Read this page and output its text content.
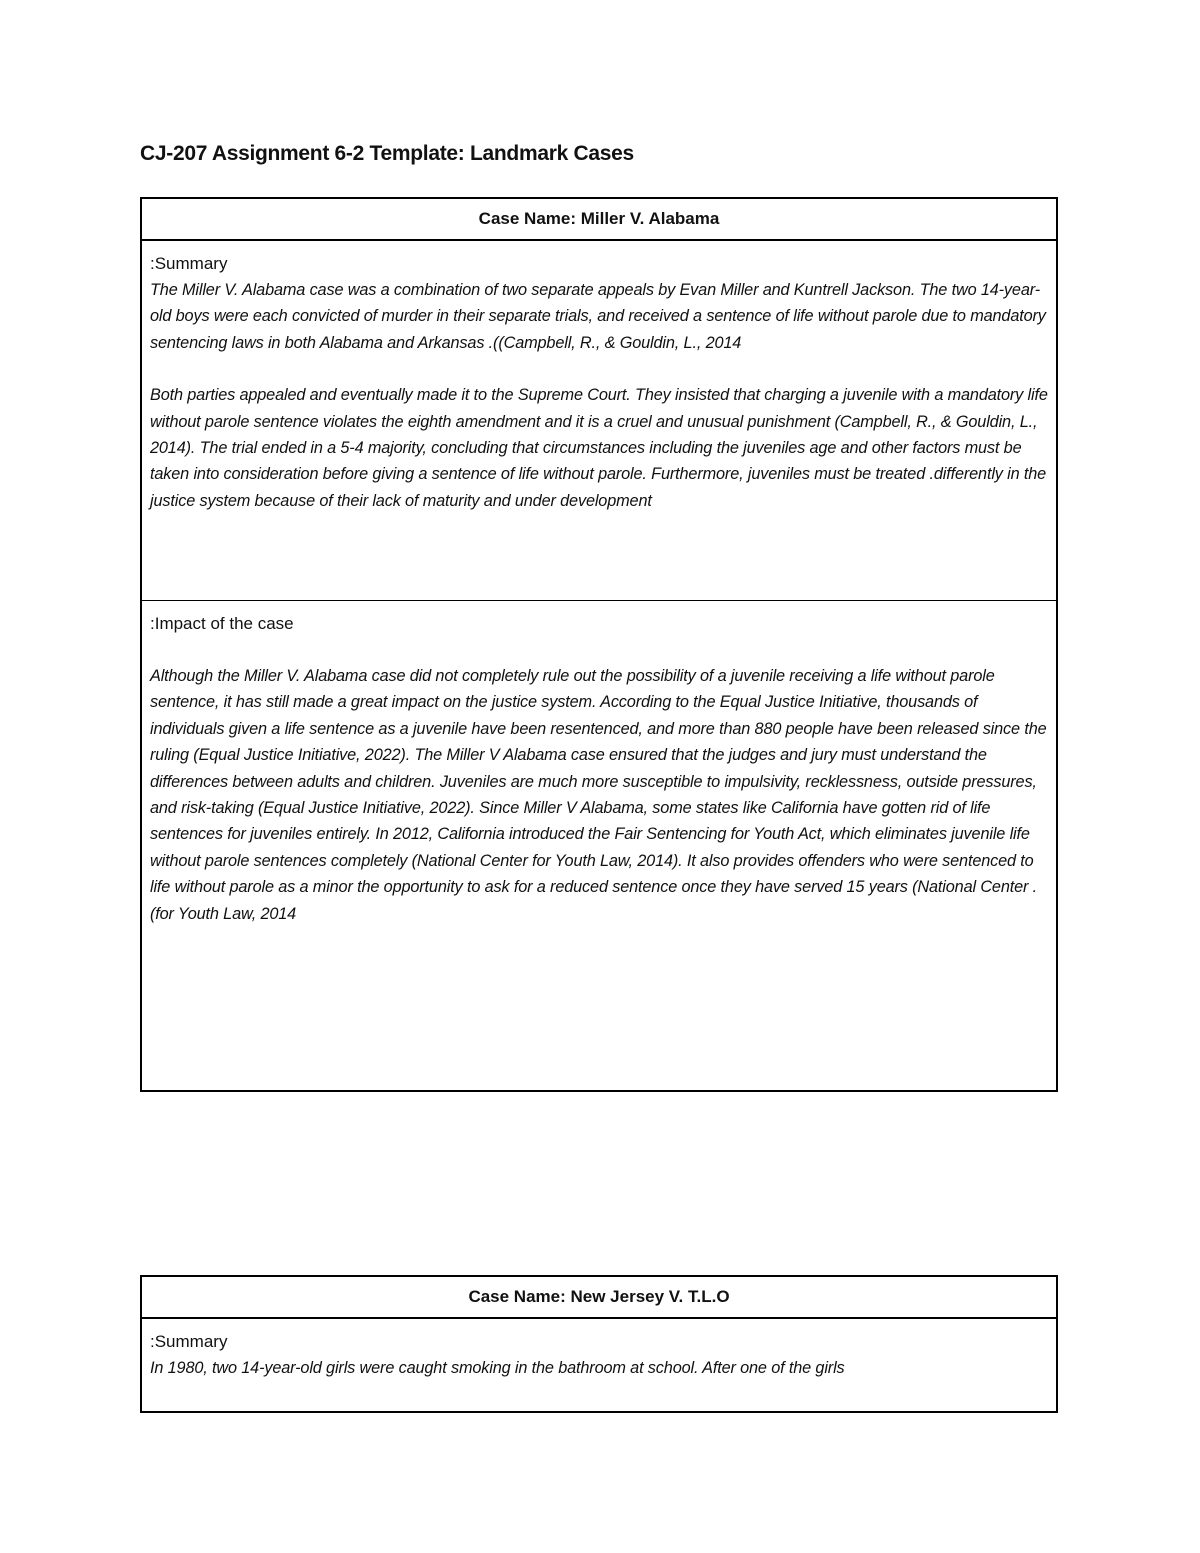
CJ-207 Assignment 6-2 Template: Landmark Cases
Case Name: Miller V. Alabama

:Summary

The Miller V. Alabama case was a combination of two separate appeals by Evan Miller and Kuntrell Jackson. The two 14-year-old boys were each convicted of murder in their separate trials, and received a sentence of life without parole due to mandatory sentencing laws in both Alabama and Arkansas .((Campbell, R., & Gouldin, L., 2014

Both parties appealed and eventually made it to the Supreme Court. They insisted that charging a juvenile with a mandatory life without parole sentence violates the eighth amendment and it is a cruel and unusual punishment (Campbell, R., & Gouldin, L., 2014). The trial ended in a 5-4 majority, concluding that circumstances including the juveniles age and other factors must be taken into consideration before giving a sentence of life without parole. Furthermore, juveniles must be treated .differently in the justice system because of their lack of maturity and under development

:Impact of the case

Although the Miller V. Alabama case did not completely rule out the possibility of a juvenile receiving a life without parole sentence, it has still made a great impact on the justice system. According to the Equal Justice Initiative, thousands of individuals given a life sentence as a juvenile have been resentenced, and more than 880 people have been released since the ruling (Equal Justice Initiative, 2022). The Miller V Alabama case ensured that the judges and jury must understand the differences between adults and children. Juveniles are much more susceptible to impulsivity, recklessness, outside pressures, and risk-taking (Equal Justice Initiative, 2022). Since Miller V Alabama, some states like California have gotten rid of life sentences for juveniles entirely. In 2012, California introduced the Fair Sentencing for Youth Act, which eliminates juvenile life without parole sentences completely (National Center for Youth Law, 2014). It also provides offenders who were sentenced to life without parole as a minor the opportunity to ask for a reduced sentence once they have served 15 years (National Center .(for Youth Law, 2014

Case Name: New Jersey V. T.L.O

:Summary

In 1980, two 14-year-old girls were caught smoking in the bathroom at school. After one of the girls
